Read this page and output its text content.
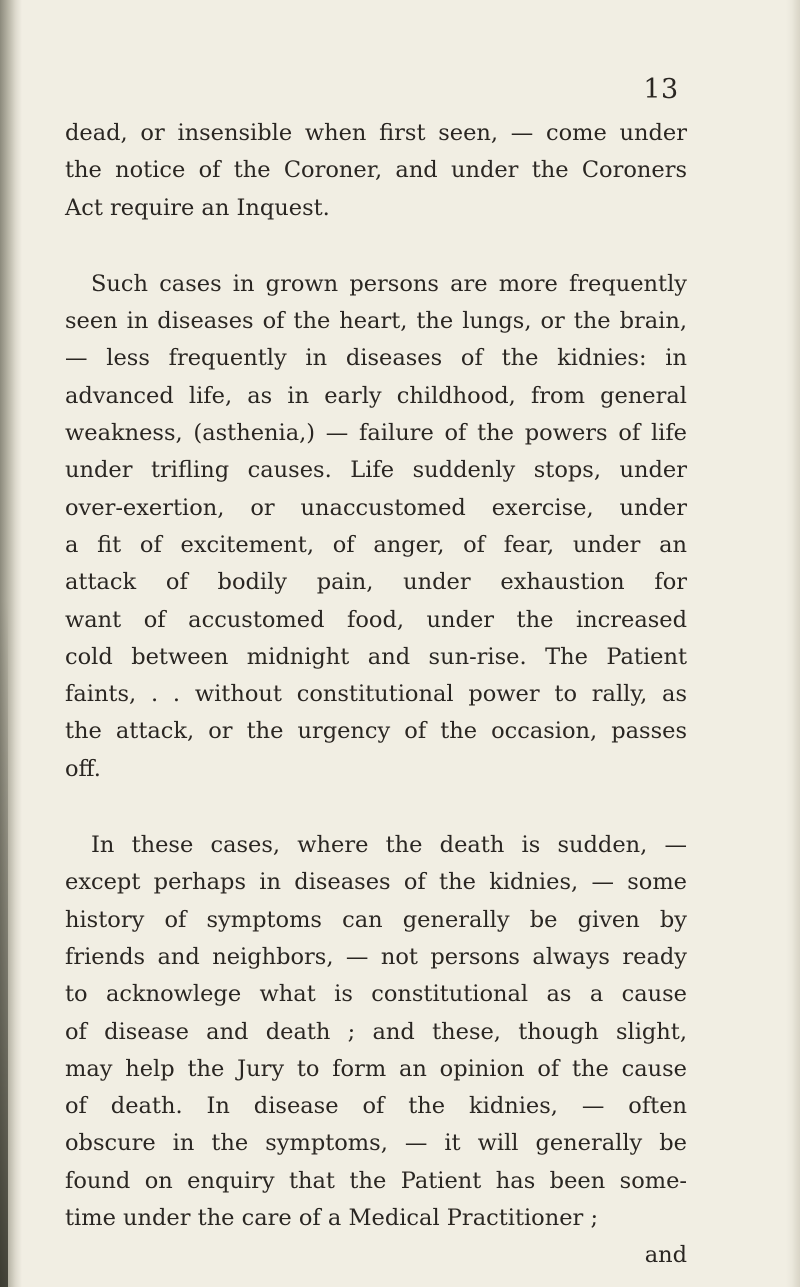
13
dead, or insensible when first seen, — come under
the notice of the Coroner, and under the Coroners
Act require an Inquest.
Such cases in grown persons are more frequently
seen in diseases of the heart, the lungs, or the brain,
— less frequently in diseases of the kidnies: in
advanced life, as in early childhood, from general
weakness, (asthenia,) — failure of the powers of life
under trifling causes. Life suddenly stops, under
over-exertion, or unaccustomed exercise, under
a fit of excitement, of anger, of fear, under an
attack of bodily pain, under exhaustion for
want of accustomed food, under the increased
cold between midnight and sun-rise. The Patient
faints, . . without constitutional power to rally, as
the attack, or the urgency of the occasion, passes
off.
In these cases, where the death is sudden, —
except perhaps in diseases of the kidnies, — some
history of symptoms can generally be given by
friends and neighbors, — not persons always ready
to acknowlege what is constitutional as a cause
of disease and death ; and these, though slight,
may help the Jury to form an opinion of the cause
of death. In disease of the kidnies, — often
obscure in the symptoms, — it will generally be
found on enquiry that the Patient has been some-
time under the care of a Medical Practitioner ;
and
